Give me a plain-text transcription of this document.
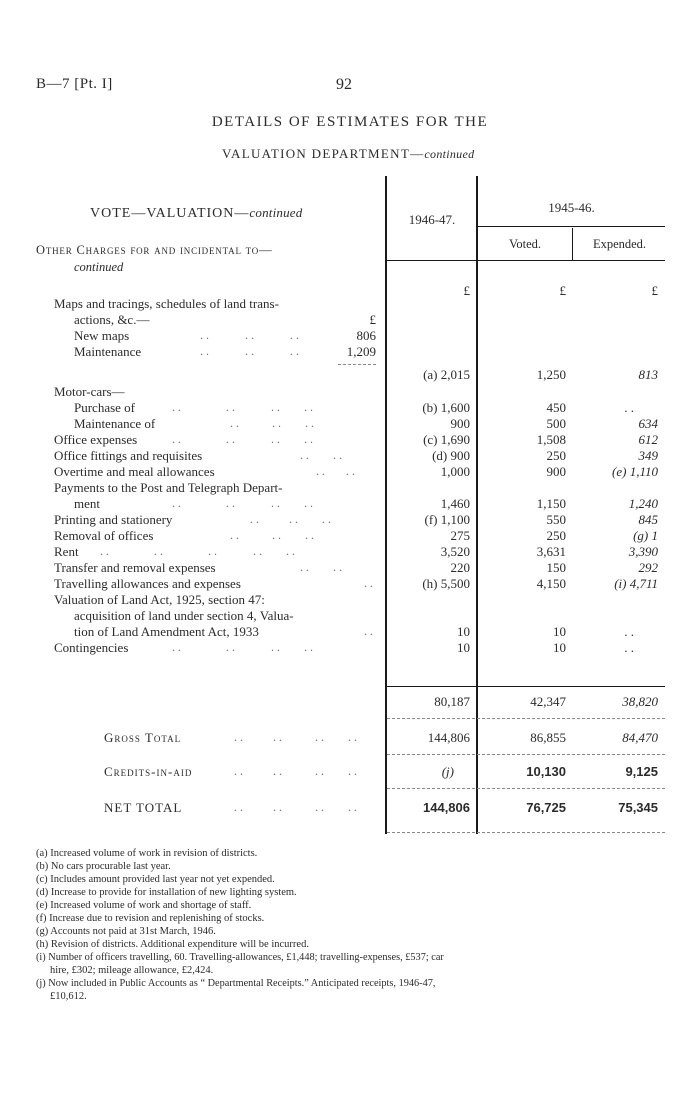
B—7 [Pt. I]	92
DETAILS OF ESTIMATES FOR THE
VALUATION DEPARTMENT—continued
VOTE—VALUATION—continued	1946-47.
1945-46.
Voted.	Expended.
Other Charges for and incidental to—
continued
£	£	£
Maps and tracings, schedules of land trans-
actions, &c.—	£
New maps	. .            . .            . .	806
Maintenance	. .            . .            . .	1,209
(a) 2,015	1,250	813
Motor-cars—
Purchase of	. .               . .            . .        . .	(b) 1,600	450	. .
Maintenance of	. .           . .        . .	900	500	634
Office expenses	. .               . .            . .        . .	(c) 1,690	1,508	612
Office fittings and requisites	. .        . .	(d) 900	250	349
Overtime and meal allowances	. .       . .	1,000	900	(e) 1,110
Payments to the Post and Telegraph Depart-
ment	. .               . .            . .        . .	1,460	1,150	1,240
Printing and stationery	. .          . .        . .	(f) 1,100	550	845
Removal of offices	. .           . .        . .	275	250	(g) 1
Rent . .               . .               . .            . .        . .	3,520	3,631	3,390
Transfer and removal expenses	. .        . .	220	150	292
Travelling allowances and expenses	. .	(h) 5,500	4,150	(i) 4,711
Valuation of Land Act, 1925, section 47:
acquisition of land under section 4, Valua-
tion of Land Amendment Act, 1933	. .	10	10	. .
Contingencies	. .               . .            . .        . .	10	10	. .
80,187	42,347	38,820
Gross Total	. .          . .           . .        . .	144,806	86,855	84,470
Credits-in-aid	. .          . .           . .        . .	(j)	10,130	9,125
NET TOTAL	. .          . .           . .        . .	144,806	76,725	75,345
(a) Increased volume of work in revision of districts.
(b) No cars procurable last year.
(c) Includes amount provided last year not yet expended.
(d) Increase to provide for installation of new lighting system.
(e) Increased volume of work and shortage of staff.
(f) Increase due to revision and replenishing of stocks.
(g) Accounts not paid at 31st March, 1946.
(h) Revision of districts. Additional expenditure will be incurred.
(i) Number of officers travelling, 60. Travelling-allowances, £1,448; travelling-expenses, £537; car
hire, £302; mileage allowance, £2,424.
(j) Now included in Public Accounts as “ Departmental Receipts.” Anticipated receipts, 1946-47,
£10,612.
